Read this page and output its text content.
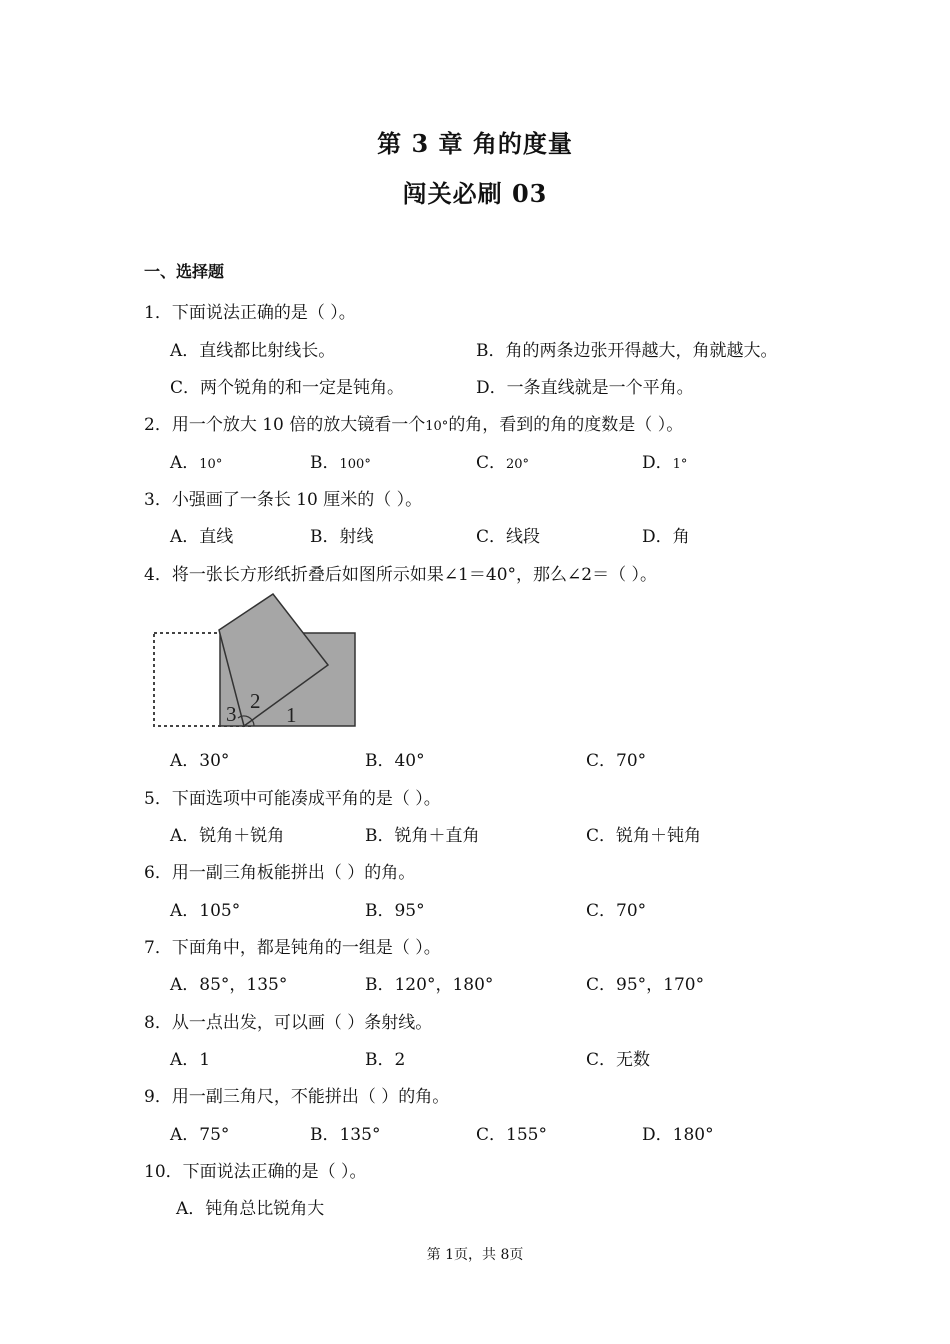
第 3 章 角的度量
闯关必刷 03
一、选择题
1．下面说法正确的是（ ）。
A．直线都比射线长。	B．角的两条边张开得越大，角就越大。
C．两个锐角的和一定是钝角。	D．一条直线就是一个平角。
2．用一个放大 10 倍的放大镜看一个10°的角，看到的角的度数是（ ）。
A．10°	B．100°	C．20°	D．1°
3．小强画了一条长 10 厘米的（ ）。
A．直线	B．射线	C．线段	D．角
4．将一张长方形纸折叠后如图所示如果∠1＝40°，那么∠2＝（ ）。
3
2
1
A．30°	B．40°	C．70°
5．下面选项中可能凑成平角的是（ ）。
A．锐角＋锐角	B．锐角＋直角	C．锐角＋钝角
6．用一副三角板能拼出（ ）的角。
A．105°	B．95°	C．70°
7．下面角中，都是钝角的一组是（ ）。
A．85°，135°	B．120°，180°	C．95°，170°
8．从一点出发，可以画（ ）条射线。
A．1	B．2	C．无数
9．用一副三角尺，不能拼出（ ）的角。
A．75°	B．135°	C．155°	D．180°
10．下面说法正确的是（ ）。
A．钝角总比锐角大
第 1页，共 8页
